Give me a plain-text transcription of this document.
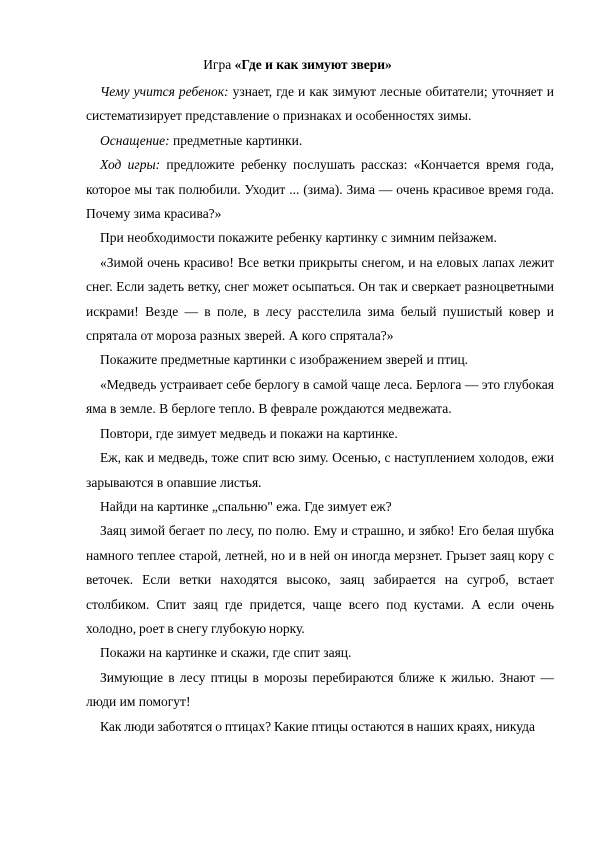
Игра «Где и как зимуют звери»

Чему учится ребенок: узнает, где и как зимуют лесные обитатели; уточняет и систематизирует представление о признаках и особенностях зимы.

Оснащение: предметные картинки.

Ход игры: предложите ребенку послушать рассказ: «Кончается время года, которое мы так полюбили. Уходит ... (зима). Зима — очень красивое время года. Почему зима красива?»

При необходимости покажите ребенку картинку с зимним пейзажем.

«Зимой очень красиво! Все ветки прикрыты снегом, и на еловых лапах лежит снег. Если задеть ветку, снег может осыпаться. Он так и сверкает разноцветными искрами! Везде — в поле, в лесу расстелила зима белый пушистый ковер и спрятала от мороза разных зверей. А кого спрятала?»

Покажите предметные картинки с изображением зверей и птиц.

«Медведь устраивает себе берлогу в самой чаще леса. Берлога — это глубокая яма в земле. В берлоге тепло. В феврале рождаются медвежата.

Повтори, где зимует медведь и покажи на картинке.

Еж, как и медведь, тоже спит всю зиму. Осенью, с наступлением холодов, ежи зарываются в опавшие листья.

Найди на картинке „спальню" ежа. Где зимует еж?

Заяц зимой бегает по лесу, по полю. Ему и страшно, и зябко! Его белая шубка намного теплее старой, летней, но и в ней он иногда мерзнет. Грызет заяц кору с веточек. Если ветки находятся высоко, заяц забирается на сугроб, встает столбиком. Спит заяц где придется, чаще всего под кустами. А если очень холодно, роет в снегу глубокую норку.

Покажи на картинке и скажи, где спит заяц.

Зимующие в лесу птицы в морозы перебираются ближе к жилью. Знают — люди им помогут!

Как люди заботятся о птицах? Какие птицы остаются в наших краях, никуда
